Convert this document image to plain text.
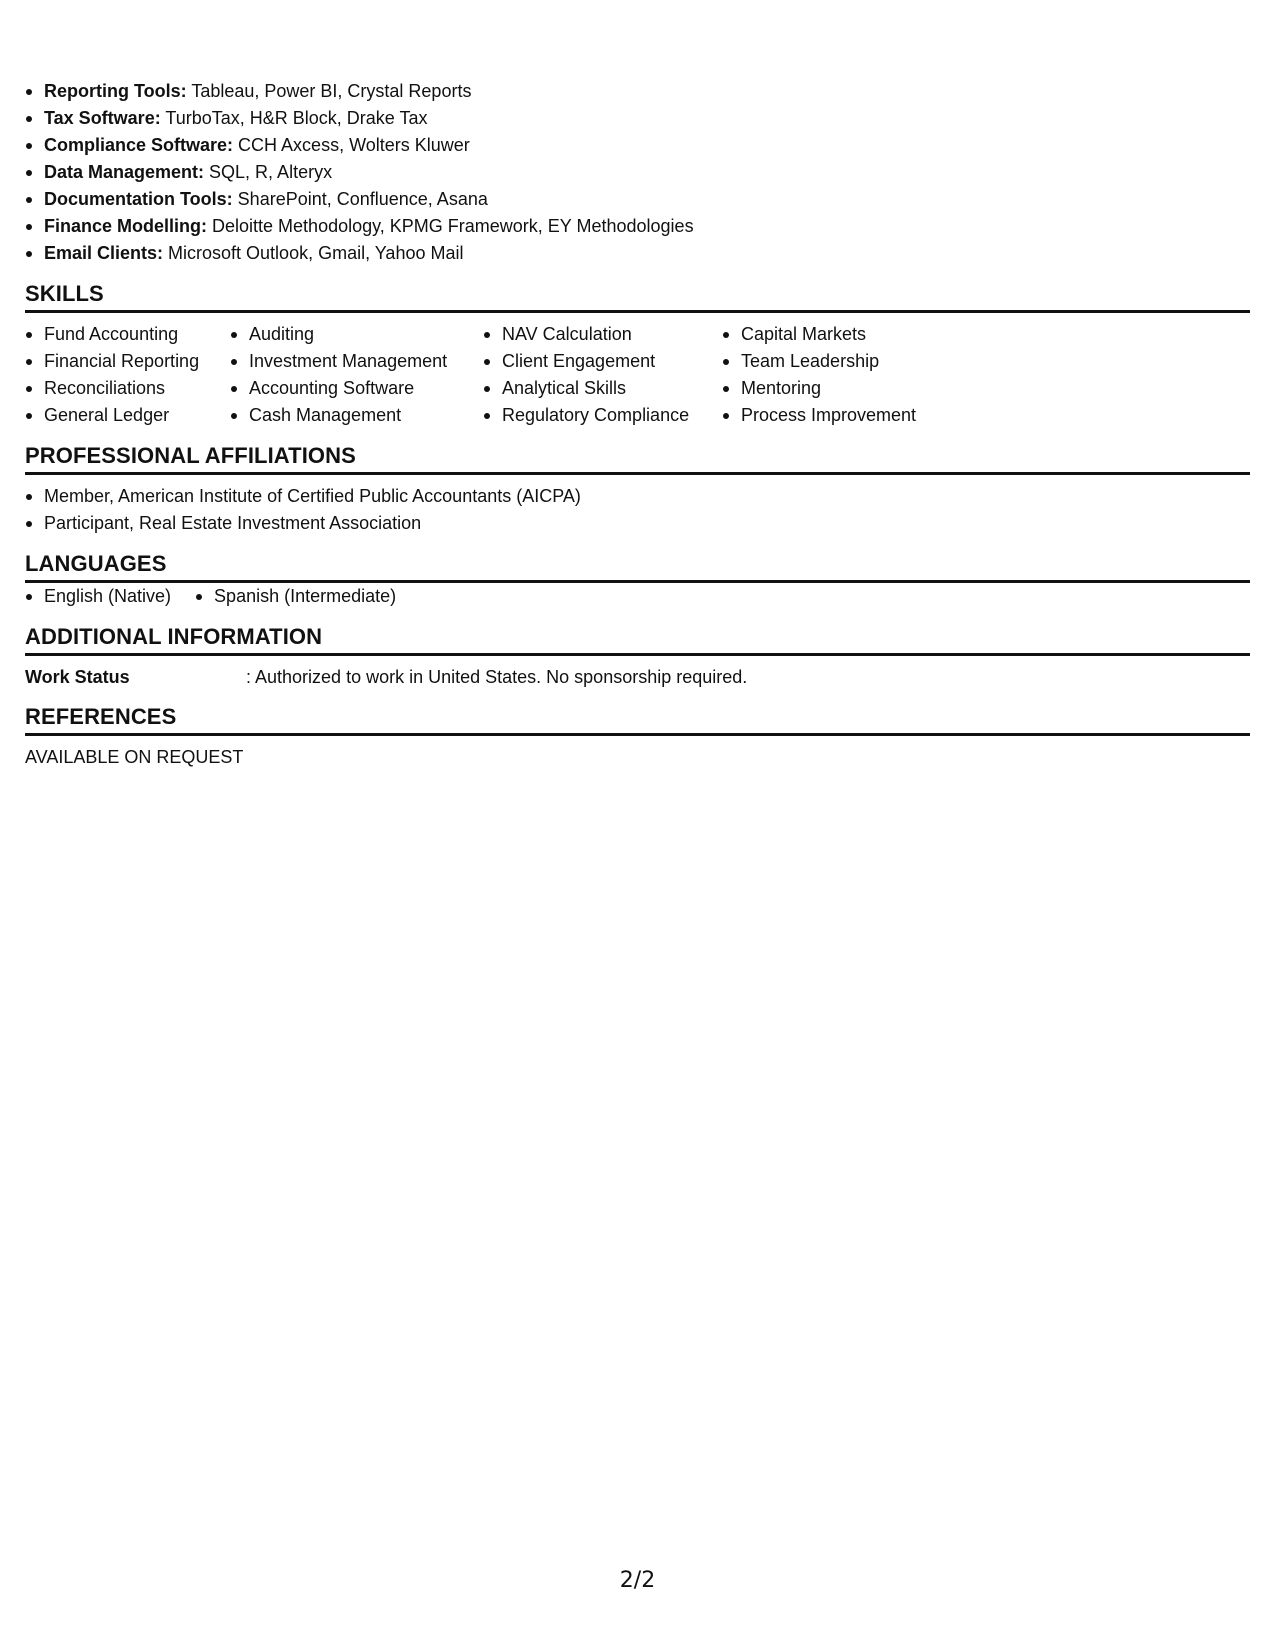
Reporting Tools: Tableau, Power BI, Crystal Reports
Tax Software: TurboTax, H&R Block, Drake Tax
Compliance Software: CCH Axcess, Wolters Kluwer
Data Management: SQL, R, Alteryx
Documentation Tools: SharePoint, Confluence, Asana
Finance Modelling: Deloitte Methodology, KPMG Framework, EY Methodologies
Email Clients: Microsoft Outlook, Gmail, Yahoo Mail
SKILLS
Fund Accounting
Financial Reporting
Reconciliations
General Ledger
Auditing
Investment Management
Accounting Software
Cash Management
NAV Calculation
Client Engagement
Analytical Skills
Regulatory Compliance
Capital Markets
Team Leadership
Mentoring
Process Improvement
PROFESSIONAL AFFILIATIONS
Member, American Institute of Certified Public Accountants (AICPA)
Participant, Real Estate Investment Association
LANGUAGES
English (Native)	Spanish (Intermediate)
ADDITIONAL INFORMATION
Work Status	: Authorized to work in United States. No sponsorship required.
REFERENCES
AVAILABLE ON REQUEST
2/2
